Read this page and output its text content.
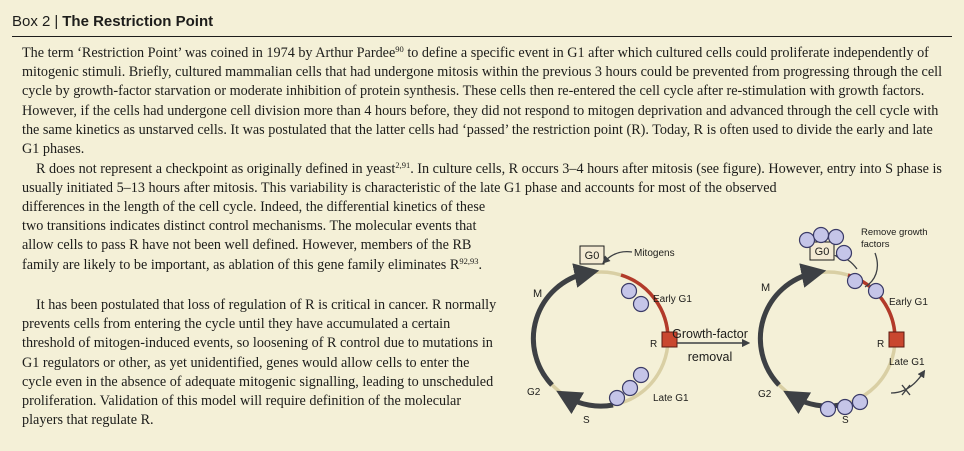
Box 2 | The Restriction Point

The term ‘Restriction Point’ was coined in 1974 by Arthur Pardee$^{90}$ to define a specific event in G1 after which cultured cells could proliferate independently of mitogenic stimuli. Briefly, cultured mammalian cells that had undergone mitosis within the previous 3 hours could be prevented from progressing through the cell cycle by growth-factor starvation or moderate inhibition of protein synthesis. These cells then re-entered the cell cycle after re-stimulation with growth factors. However, if the cells had undergone cell division more than 4 hours before, they did not respond to mitogen deprivation and advanced through the cell cycle with the same kinetics as unstarved cells. It was postulated that the latter cells had ‘passed’ the restriction point (R). Today, R is often used to divide the early and late G1 phases.

R does not represent a checkpoint as originally defined in yeast$^{2,91}$. In culture cells, R occurs 3–4 hours after mitosis (see figure). However, entry into S phase is usually initiated 5–13 hours after mitosis. This variability is characteristic of the late G1 phase and accounts for most of the observed

differences in the length of the cell cycle. Indeed, the differential kinetics of these two transitions indicates distinct control mechanisms. The molecular events that allow cells to pass R have not been well defined. However, members of the RB family are likely to be important, as ablation of this gene family eliminates R$^{92,93}$.

It has been postulated that loss of regulation of R is critical in cancer. R normally prevents cells from entering the cycle until they have accumulated a certain threshold of mitogen-induced events, so loosening of R control due to mutations in G1 regulators or other, as yet unidentified, genes would allow cells to enter the cycle even in the absence of adequate mitogenic signalling, leading to unscheduled proliferation. Validation of this model will require definition of the molecular players that regulate R.

G0	Mitogens
M	Early G1
R
G2
S
Late G1
Growth-factor
removal
G0
Remove growth
factors
M
Early G1
R
Late G1
G2
S
